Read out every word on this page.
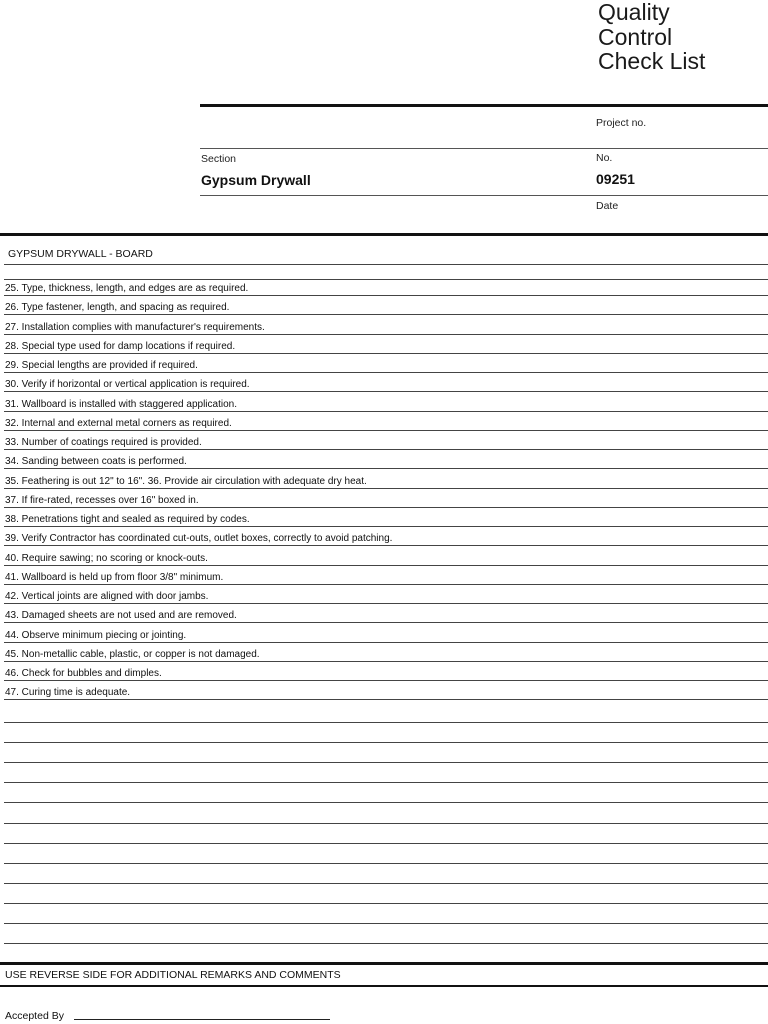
Quality
Control
Check List
Project no.
Section
Gypsum Drywall
No.
09251
Date
GYPSUM DRYWALL - BOARD
25. Type, thickness, length, and edges are as required.
26. Type fastener, length, and spacing as required.
27. Installation complies with manufacturer's requirements.
28. Special type used for damp locations if required.
29. Special lengths are provided if required.
30. Verify if horizontal or vertical application is required.
31. Wallboard is installed with staggered application.
32. Internal and external metal corners as required.
33. Number of coatings required is provided.
34. Sanding between coats is performed.
35. Feathering is out 12" to 16". 36. Provide air circulation with adequate dry heat.
37. If fire-rated, recesses over 16" boxed in.
38. Penetrations tight and sealed as required by codes.
39. Verify Contractor has coordinated cut-outs, outlet boxes, correctly to avoid patching.
40. Require sawing; no scoring or knock-outs.
41. Wallboard is held up from floor 3/8" minimum.
42. Vertical joints are aligned with door jambs.
43. Damaged sheets are not used and are removed.
44. Observe minimum piecing or jointing.
45. Non-metallic cable, plastic, or copper is not damaged.
46. Check for bubbles and dimples.
47. Curing time is adequate.
USE REVERSE SIDE FOR ADDITIONAL REMARKS AND COMMENTS
Accepted By
